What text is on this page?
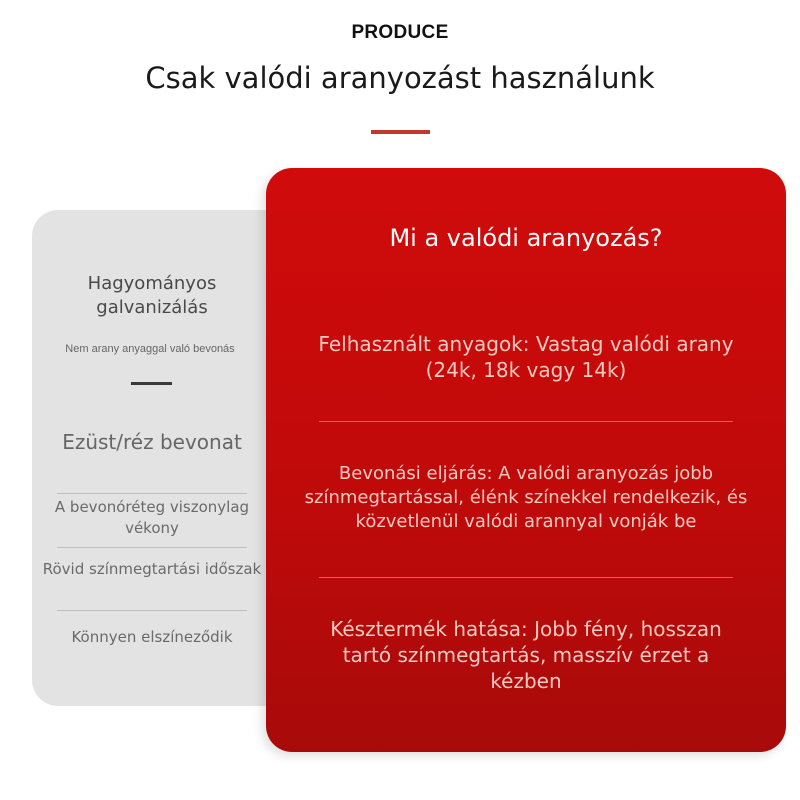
PRODUCE
Csak valódi aranyozást használunk
Hagyományos galvanizálás
Nem arany anyaggal való bevonás
Ezüst/réz bevonat
A bevonóréteg viszonylag vékony
Rövid színmegtartási időszak
Könnyen elszíneződik
Mi a valódi aranyozás?
Felhasznált anyagok: Vastag valódi arany (24k, 18k vagy 14k)
Bevonási eljárás: A valódi aranyozás jobb színmegtartással, élénk színekkel rendelkezik, és közvetlenül valódi arannyal vonják be
Késztermék hatása: Jobb fény, hosszan tartó színmegtartás, masszív érzet a kézben
